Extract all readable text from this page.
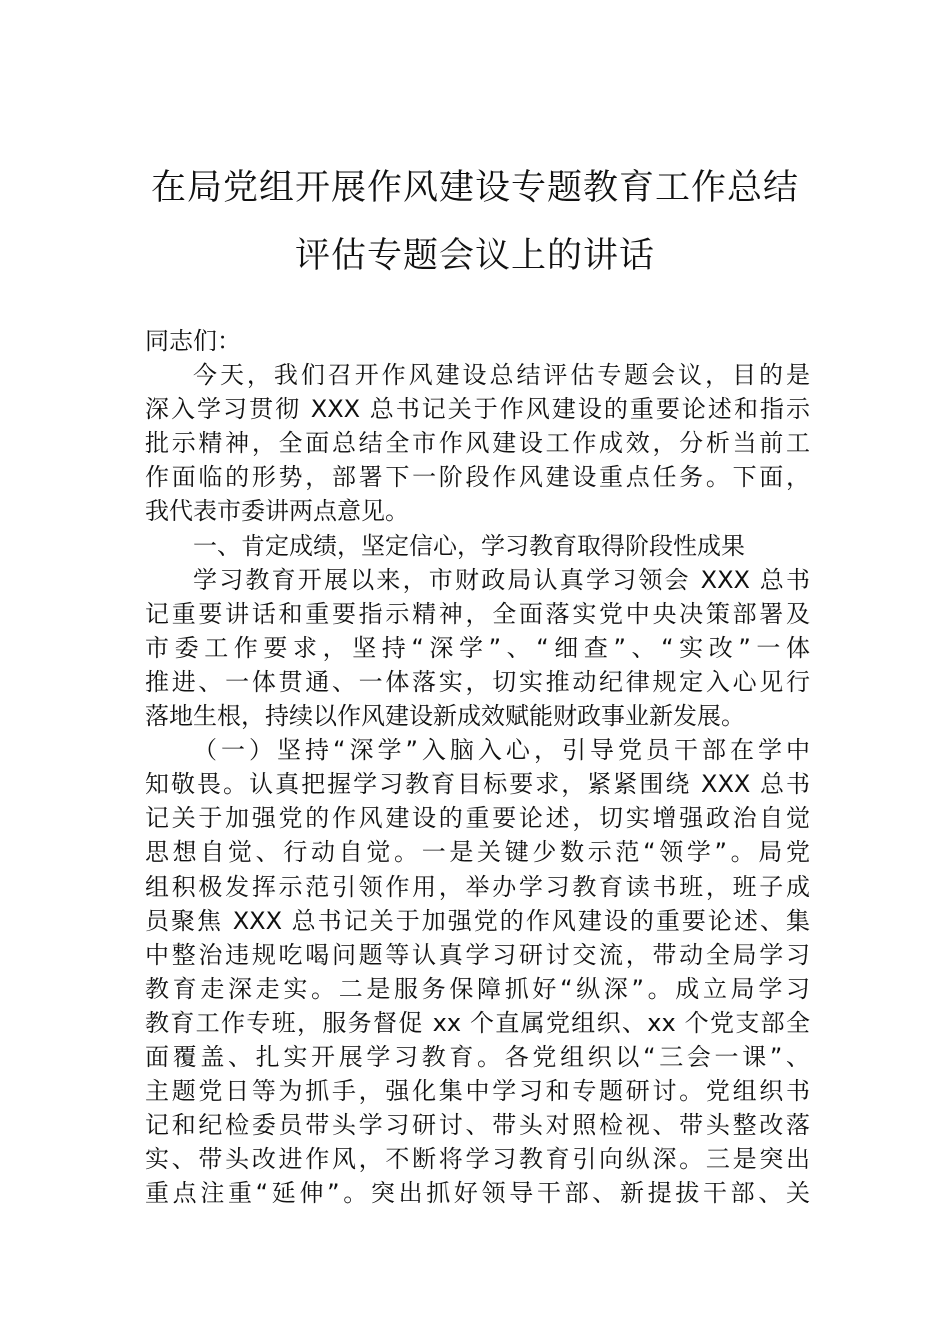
在局党组开展作风建设专题教育工作总结
评估专题会议上的讲话
同志们：
今天，我们召开作风建设总结评估专题会议，目的是
深入学习贯彻 XXX 总书记关于作风建设的重要论述和指示
批示精神，全面总结全市作风建设工作成效，分析当前工
作面临的形势，部署下一阶段作风建设重点任务。下面，
我代表市委讲两点意见。
一、肯定成绩，坚定信心，学习教育取得阶段性成果
学习教育开展以来，市财政局认真学习领会 XXX 总书
记重要讲话和重要指示精神，全面落实党中央决策部署及
市委工作要求，坚持“深学”、“细查”、“实改”一体
推进、一体贯通、一体落实，切实推动纪律规定入心见行
落地生根，持续以作风建设新成效赋能财政事业新发展。
（一）坚持“深学”入脑入心，引导党员干部在学中
知敬畏。认真把握学习教育目标要求，紧紧围绕 XXX 总书
记关于加强党的作风建设的重要论述，切实增强政治自觉
思想自觉、行动自觉。一是关键少数示范“领学”。局党
组积极发挥示范引领作用，举办学习教育读书班，班子成
员聚焦 XXX 总书记关于加强党的作风建设的重要论述、集
中整治违规吃喝问题等认真学习研讨交流，带动全局学习
教育走深走实。二是服务保障抓好“纵深”。成立局学习
教育工作专班，服务督促 xx 个直属党组织、xx 个党支部全
面覆盖、扎实开展学习教育。各党组织以“三会一课”、
主题党日等为抓手，强化集中学习和专题研讨。党组织书
记和纪检委员带头学习研讨、带头对照检视、带头整改落
实、带头改进作风，不断将学习教育引向纵深。三是突出
重点注重“延伸”。突出抓好领导干部、新提拔干部、关
